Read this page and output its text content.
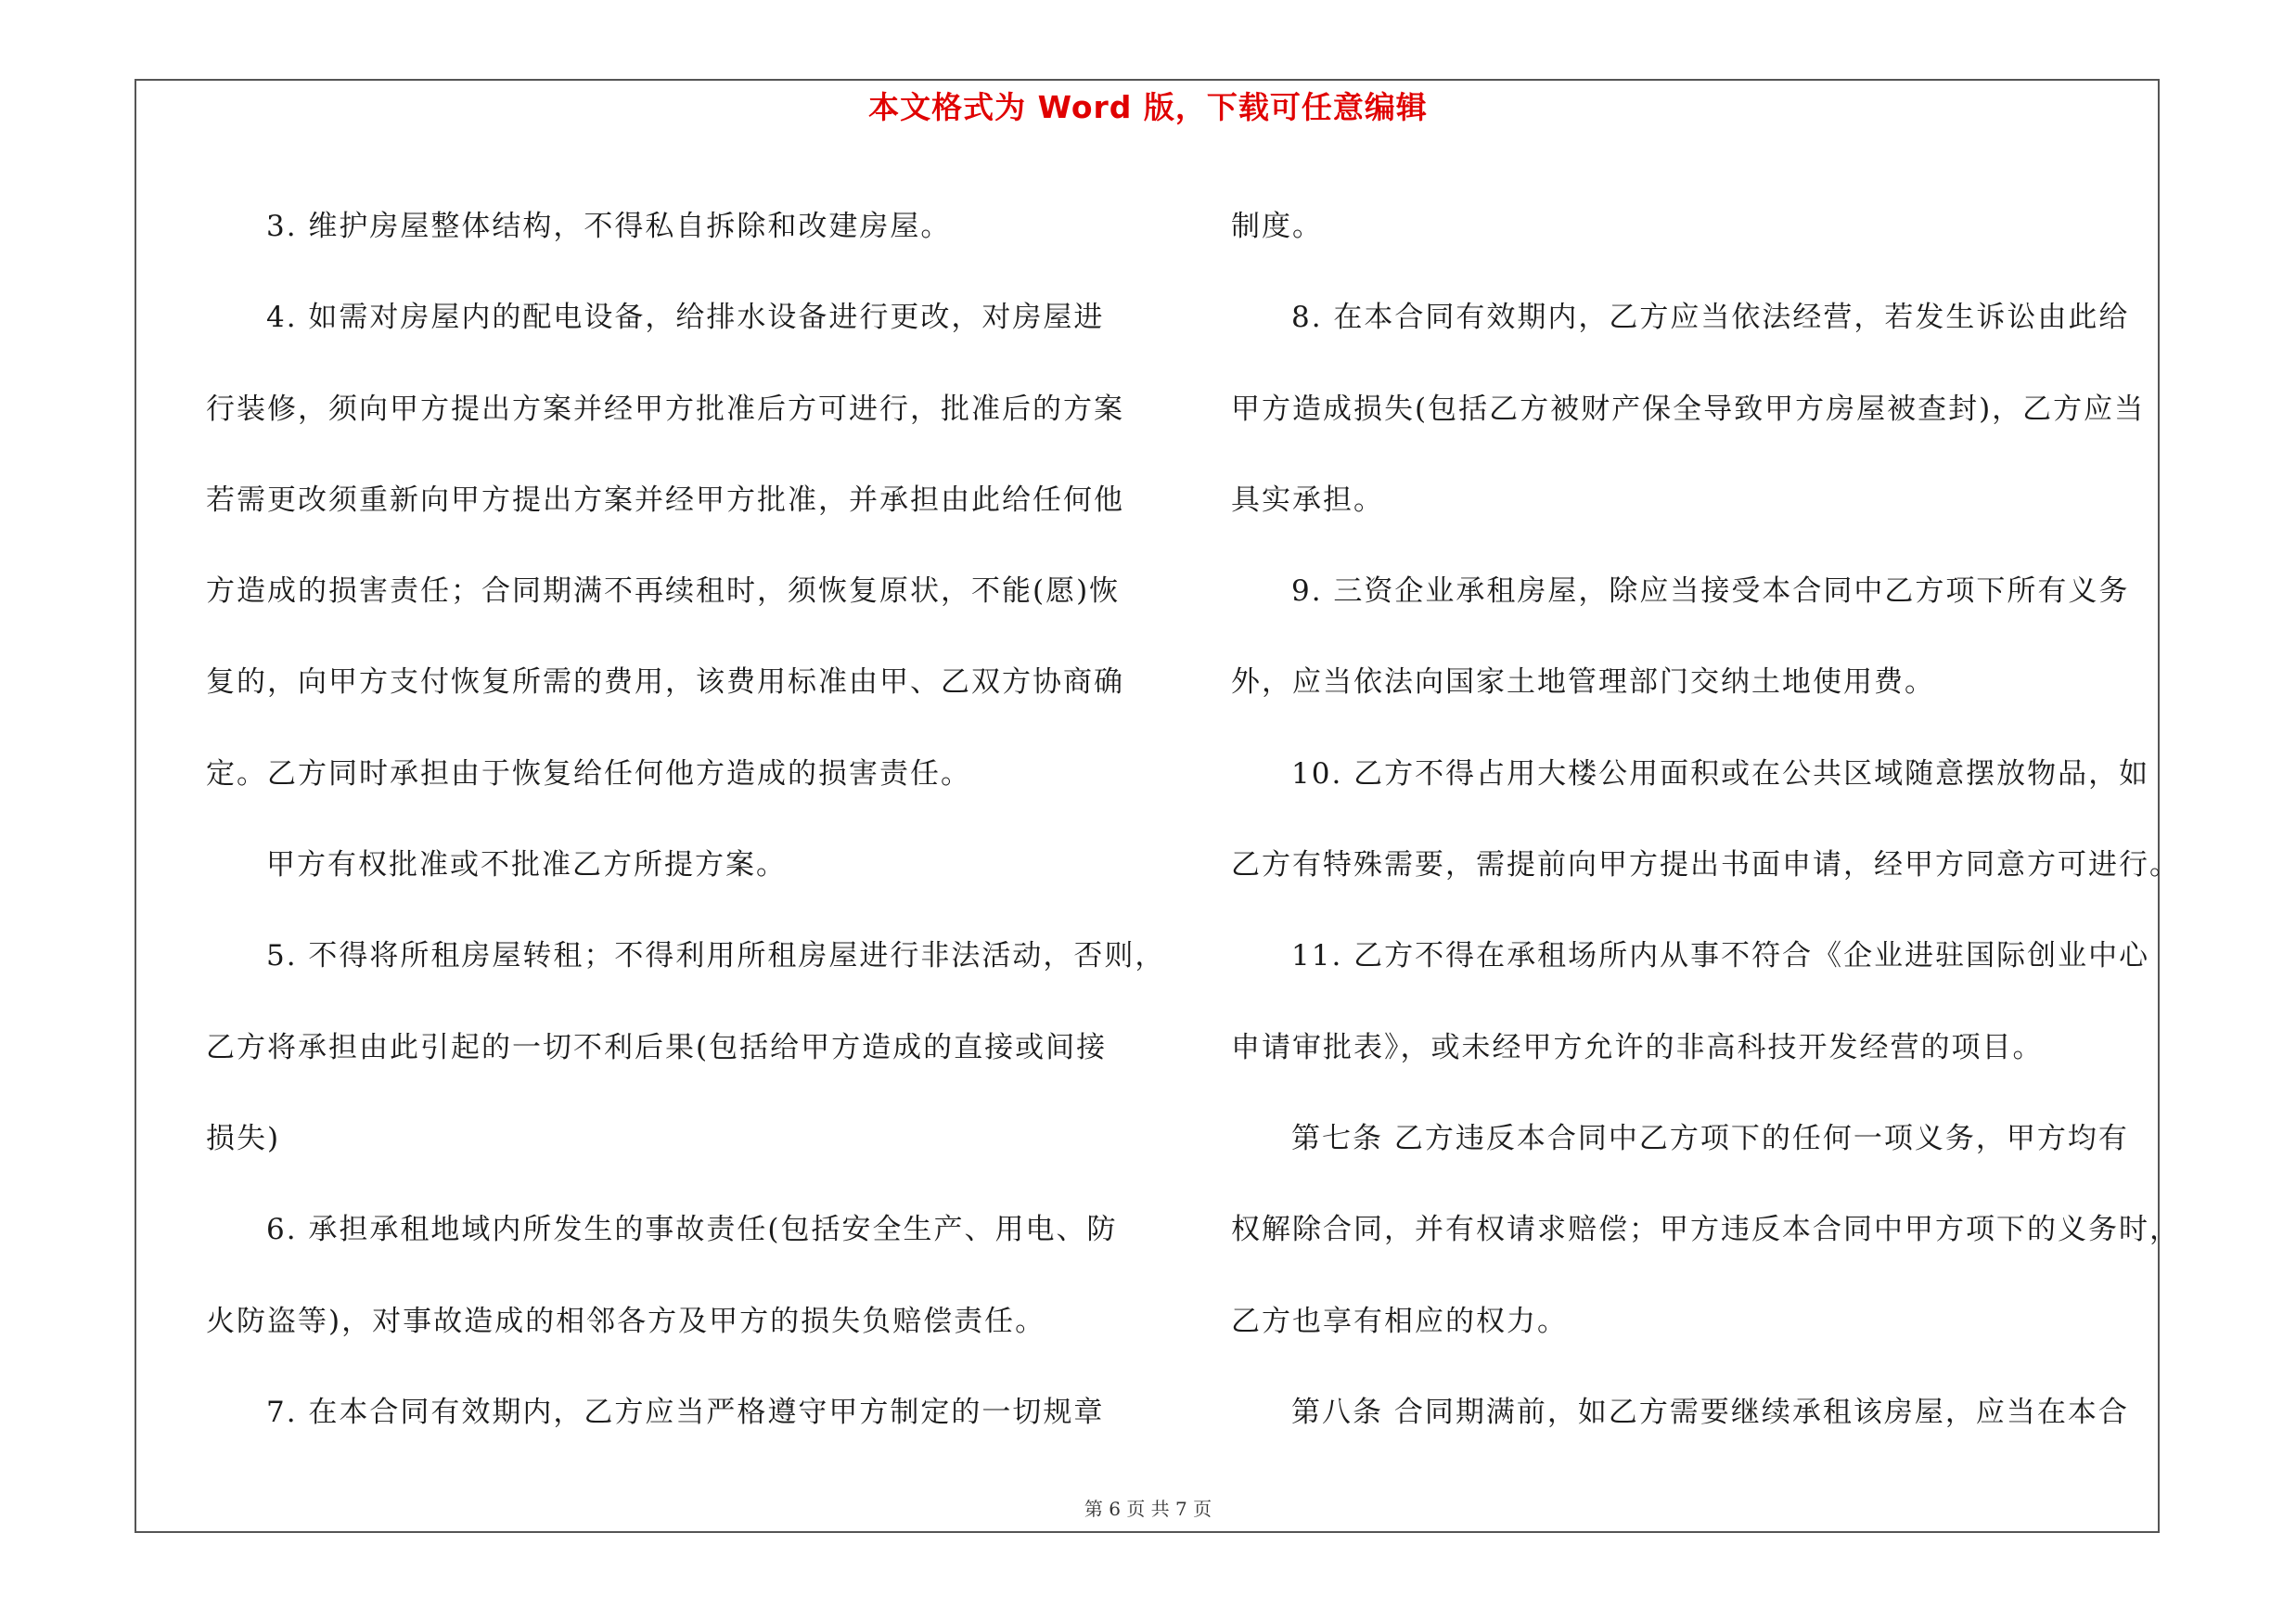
本文格式为 Word 版，下载可任意编辑
3. 维护房屋整体结构，不得私自拆除和改建房屋。
4. 如需对房屋内的配电设备，给排水设备进行更改，对房屋进
行装修，须向甲方提出方案并经甲方批准后方可进行，批准后的方案
若需更改须重新向甲方提出方案并经甲方批准，并承担由此给任何他
方造成的损害责任；合同期满不再续租时，须恢复原状，不能(愿)恢
复的，向甲方支付恢复所需的费用，该费用标准由甲、乙双方协商确
定。乙方同时承担由于恢复给任何他方造成的损害责任。
甲方有权批准或不批准乙方所提方案。
5. 不得将所租房屋转租；不得利用所租房屋进行非法活动，否则，
乙方将承担由此引起的一切不利后果(包括给甲方造成的直接或间接
损失)
6. 承担承租地域内所发生的事故责任(包括安全生产、用电、防
火防盗等)，对事故造成的相邻各方及甲方的损失负赔偿责任。
7. 在本合同有效期内，乙方应当严格遵守甲方制定的一切规章
制度。
8. 在本合同有效期内，乙方应当依法经营，若发生诉讼由此给
甲方造成损失(包括乙方被财产保全导致甲方房屋被查封)，乙方应当
具实承担。
9. 三资企业承租房屋，除应当接受本合同中乙方项下所有义务
外，应当依法向国家土地管理部门交纳土地使用费。
10. 乙方不得占用大楼公用面积或在公共区域随意摆放物品，如
乙方有特殊需要，需提前向甲方提出书面申请，经甲方同意方可进行。
11. 乙方不得在承租场所内从事不符合《企业进驻国际创业中心
申请审批表》，或未经甲方允许的非高科技开发经营的项目。
第七条 乙方违反本合同中乙方项下的任何一项义务，甲方均有
权解除合同，并有权请求赔偿；甲方违反本合同中甲方项下的义务时，
乙方也享有相应的权力。
第八条 合同期满前，如乙方需要继续承租该房屋，应当在本合
第 6 页 共 7 页
